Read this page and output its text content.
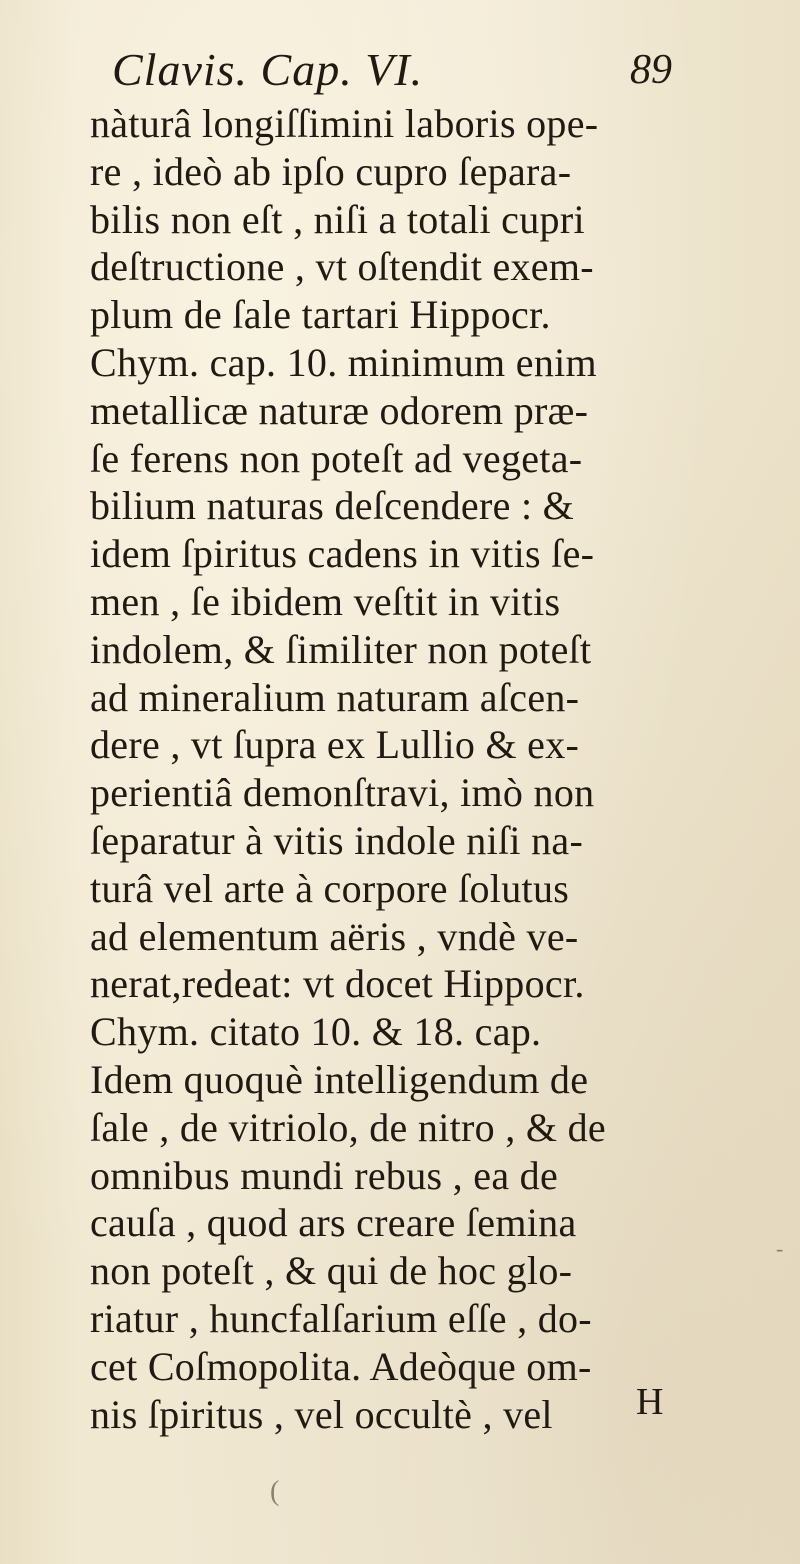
Clavis. Cap. VI.	89
nàturâ longiſſimini laboris ope-
re , ideò ab ipſo cupro ſepara-
bilis non eſt , niſi a totali cupri
deſtructione , vt oſtendit exem-
plum de ſale tartari Hippocr.
Chym. cap. 10. minimum enim
metallicæ naturæ odorem præ-
ſe ferens non poteſt ad vegeta-
bilium naturas deſcendere : &
idem ſpiritus cadens in vitis ſe-
men , ſe ibidem veſtit in vitis
indolem, & ſimiliter non poteſt
ad mineralium naturam aſcen-
dere , vt ſupra ex Lullio & ex-
perientiâ demonſtravi, imò non
ſeparatur à vitis indole niſi na-
turâ vel arte à corpore ſolutus
ad elementum aëris , vndè ve-
nerat,redeat: vt docet Hippocr.
Chym. citato 10. & 18. cap.
Idem quoquè intelligendum de
ſale , de vitriolo, de nitro , & de
omnibus mundi rebus , ea de
cauſa , quod ars creare ſemina
non poteſt , & qui de hoc glo-
riatur , huncfalſarium eſſe , do-
cet Coſmopolita. Adeòque om-
nis ſpiritus , vel occultè , vel	H
(
-
